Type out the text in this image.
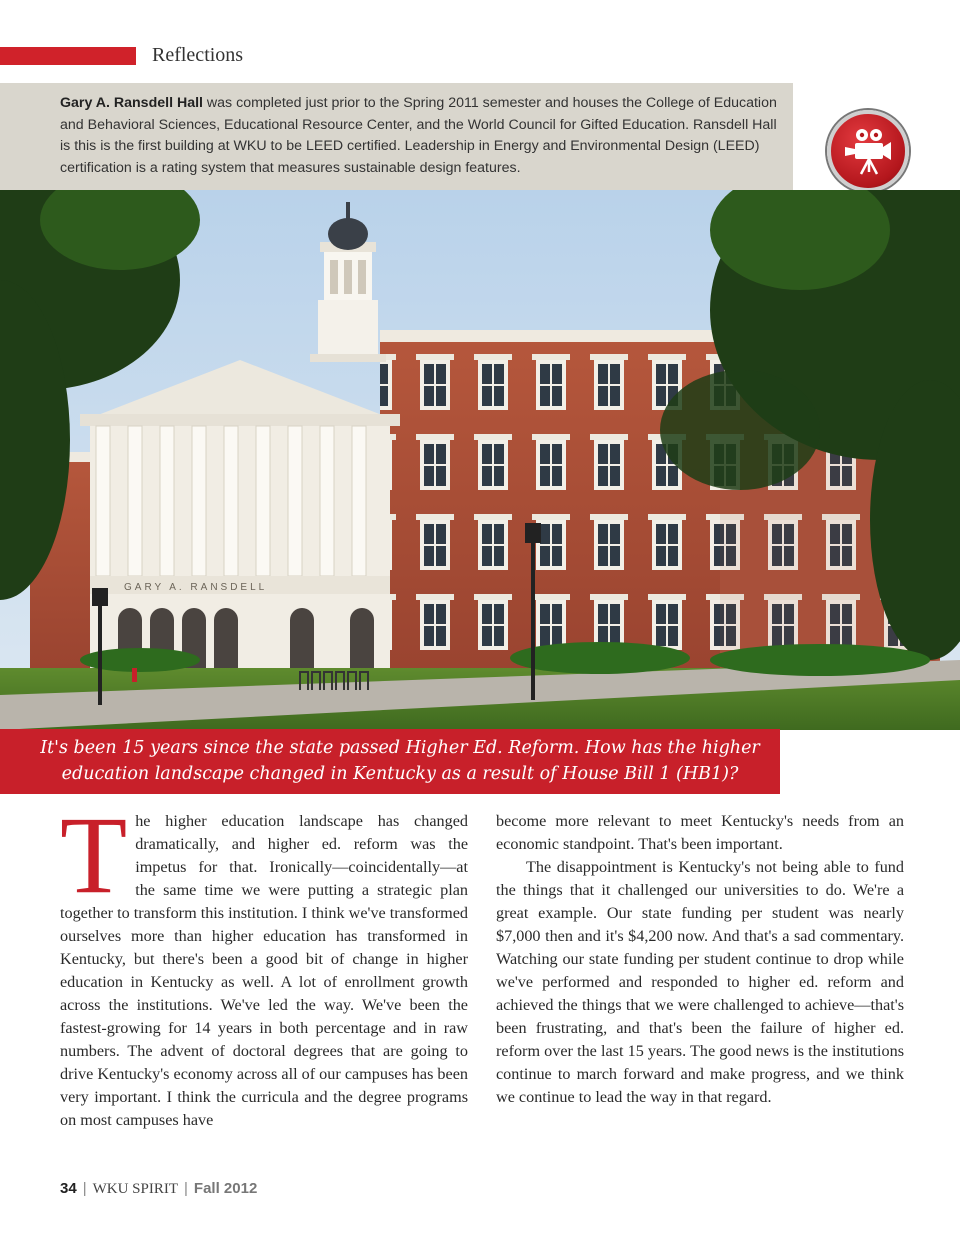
Reflections
Gary A. Ransdell Hall was completed just prior to the Spring 2011 semester and houses the College of Education and Behavioral Sciences, Educational Resource Center, and the World Council for Gifted Education. Ransdell Hall is this is the first building at WKU to be LEED certified. Leadership in Energy and Environmental Design (LEED) certification is a rating system that measures sustainable design features.
GARY A. RANSDELL
It's been 15 years since the state passed Higher Ed. Reform. How has the higher
education landscape changed in Kentucky as a result of House Bill 1 (HB1)?

The higher education landscape has changed dramatically, and higher ed. reform was the impetus for that. Ironically—coincidentally—at the same time we were putting a strategic plan together to transform this institution. I think we've transformed ourselves more than higher education has transformed in Kentucky, but there's been a good bit of change in higher education in Kentucky as well. A lot of enrollment growth across the institutions. We've led the way. We've been the fastest-growing for 14 years in both percentage and in raw numbers. The advent of doctoral degrees that are going to drive Kentucky's economy across all of our campuses has been very important. I think the curricula and the degree programs on most campuses have

become more relevant to meet Kentucky's needs from an economic standpoint. That's been important.

The disappointment is Kentucky's not being able to fund the things that it challenged our universities to do. We're a great example. Our state funding per student was nearly $7,000 then and it's $4,200 now. And that's a sad commentary. Watching our state funding per student continue to drop while we've performed and responded to higher ed. reform and achieved the things that we were challenged to achieve—that's been frustrating, and that's been the failure of higher ed. reform over the last 15 years. The good news is the institutions continue to march forward and make progress, and we think we continue to lead the way in that regard.

34 | WKU SPIRIT | Fall 2012
